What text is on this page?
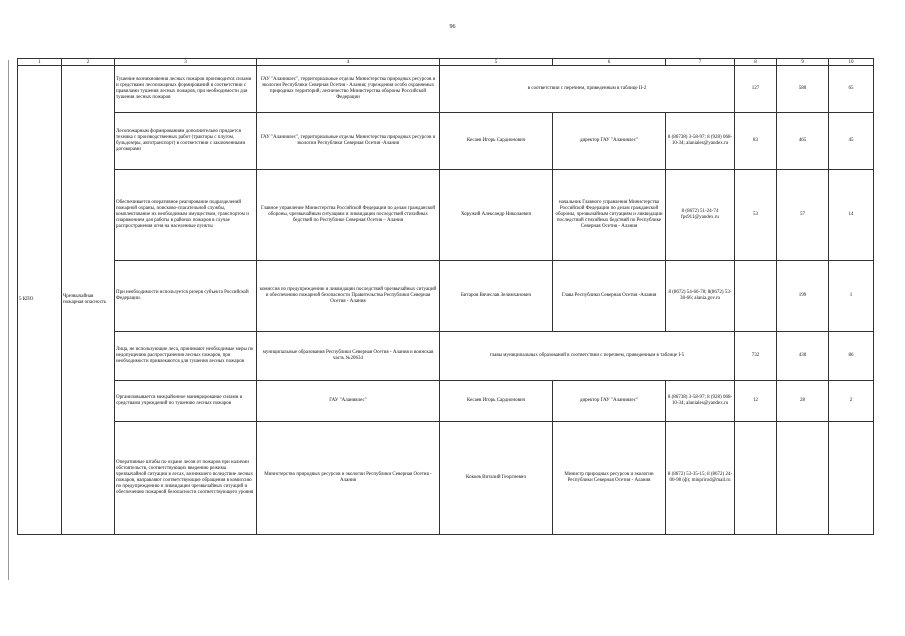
96
1	2	3	4	5	6	7	8	9	10
5 КПО	Чрезвычайная пожарная опасность	Тушение возникновения лесных пожаров производится силами и средствами лесопожарных формирований в соответствии с правилами тушения лесных пожаров, при необходимости для тушения лесных пожаров	ГАУ "Аланиялес", территориальные отделы Министерства природных ресурсов и экологии Республики Северная Осетия - Алания; учреждения особо охраняемых природных территорий; лесничество Министерства обороны Российской Федерации	в соответствии с перечнем, приведенным в таблице II-2			127	580	65
		Лесопожарным формированиям дополнительно придается техника с производственных работ (тракторы с плугом, бульдозеры, автотранспорт) в соответствии с заключенными договорами	ГАУ "Аланиялес", территориальные отделы Министерства природных ресурсов и экологии Республики Северная Осетия -Алания	Кесаев Игорь Сардионович	директор ГАУ "Аланиялес"	8 (86738) 3-58-97; 8 (928) 068-10-34; alaniales@yandex.ru	83	465	45
		Обеспечивается оперативное реагирование подразделений пожарной охраны, поисково-спасательной службы, комплектование их необходимым имуществом, транспортом и снаряжением для работы в районах пожаров в случае распространения огня на населенные пункты	Главное управление Министерства Российской Федерации по делам гражданской обороны, чрезвычайным ситуациям и ликвидации последствий стихийных бедствий по Республике Северная Осетия – Алания	Хоружий Александр Николаевич	начальник Главного управления Министерства Российской Федерации по делам гражданской обороны, чрезвычайным ситуациям и ликвидации последствий стихийных бедствий по Республике Северная Осетия - Алания	8 (8672) 51-24-74 fps911@yandex.ru	53	57	14
		При необходимости используется резерв субъекта Российской Федерации.	комиссия по предупреждению и ликвидации последствий чрезвычайных ситуаций и обеспечению пожарной безопасности Правительства Республики Северная Осетия - Алания	Битаров Вячеслав Зелимханович	Глава Республики Северная Осетия -Алания	8 (8672) 54-66-78; 8(8672) 53-38-66; alania.gov.ru		199	1
		Лица, не использующие леса, принимают необходимые меры по недопущению распространения лесных пожаров, при необходимости привлекаются для тушения лесных пожаров	муниципальные образования Республики Северная Осетия - Алания и воинская часть №20634	главы муниципальных образований в соответствии с перечнем, приведенным в таблице I-5			732	430	86
		Организовывается межрайонное маневрирование силами и средствами учреждений по тушению лесных пожаров	ГАУ "Аланиялес"	Кесаев Игорь Сардионович	директор ГАУ "Аланиялес"	8 (86738) 3-58-97; 8 (928) 068-10-34; alaniales@yandex.ru	12	28	2
		Оперативные штабы по охране лесов от пожаров при наличии обстоятельств, соответствующих введению режима чрезвычайной ситуации в лесах, возникшего вследствие лесных пожаров, направляют соответствующие обращения в комиссию по предупреждению и ликвидации чрезвычайных ситуаций и обеспечению пожарной безопасности соответствующего уровня	Министерство природных ресурсов и экологии Республики Северная Осетия - Алания	Кокоев Виталий Георгиевич	Министр природных ресурсов и экологии Республики Северная Осетия - Алания	8 (8672) 53-35-15; 8 (8672) 24-00-98 (ф); minprirod@mail.ru			
